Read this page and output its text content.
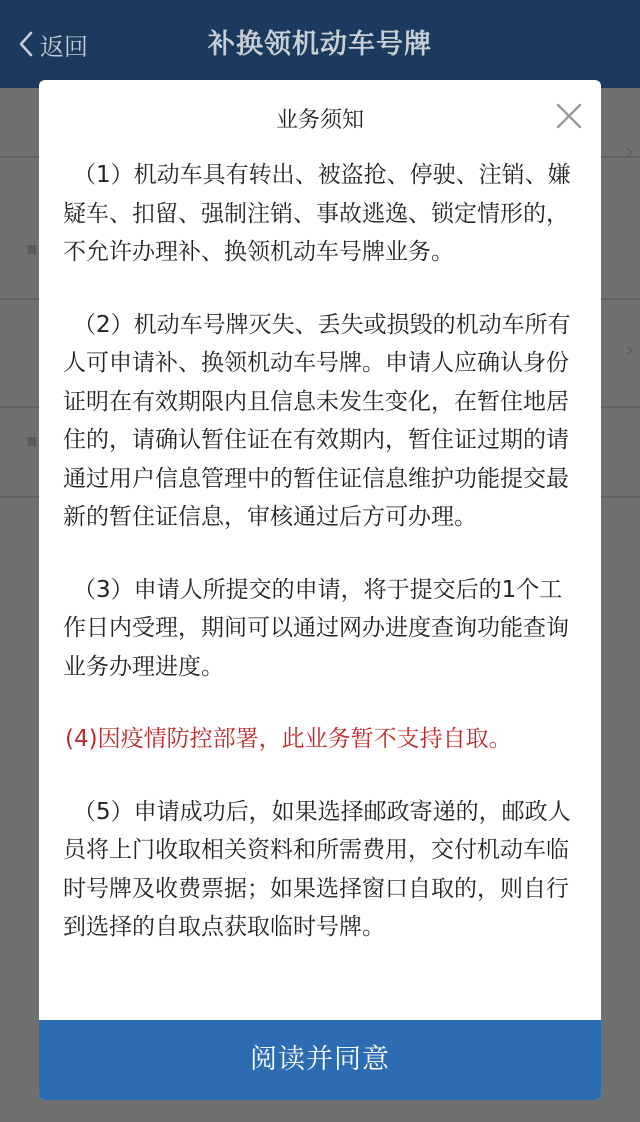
返回	补换领机动车号牌
›
›
▪
▪
业务须知

（1）机动车具有转出、被盗抢、停驶、注销、嫌疑车、扣留、强制注销、事故逃逸、锁定情形的，不允许办理补、换领机动车号牌业务。

（2）机动车号牌灭失、丢失或损毁的机动车所有人可申请补、换领机动车号牌。申请人应确认身份证明在有效期限内且信息未发生变化，在暂住地居住的，请确认暂住证在有效期内，暂住证过期的请通过用户信息管理中的暂住证信息维护功能提交最新的暂住证信息，审核通过后方可办理。

（3）申请人所提交的申请，将于提交后的1个工作日内受理，期间可以通过网办进度查询功能查询业务办理进度。

(4)因疫情防控部署，此业务暂不支持自取。

（5）申请成功后，如果选择邮政寄递的，邮政人员将上门收取相关资料和所需费用，交付机动车临时号牌及收费票据；如果选择窗口自取的，则自行到选择的自取点获取临时号牌。

阅读并同意
